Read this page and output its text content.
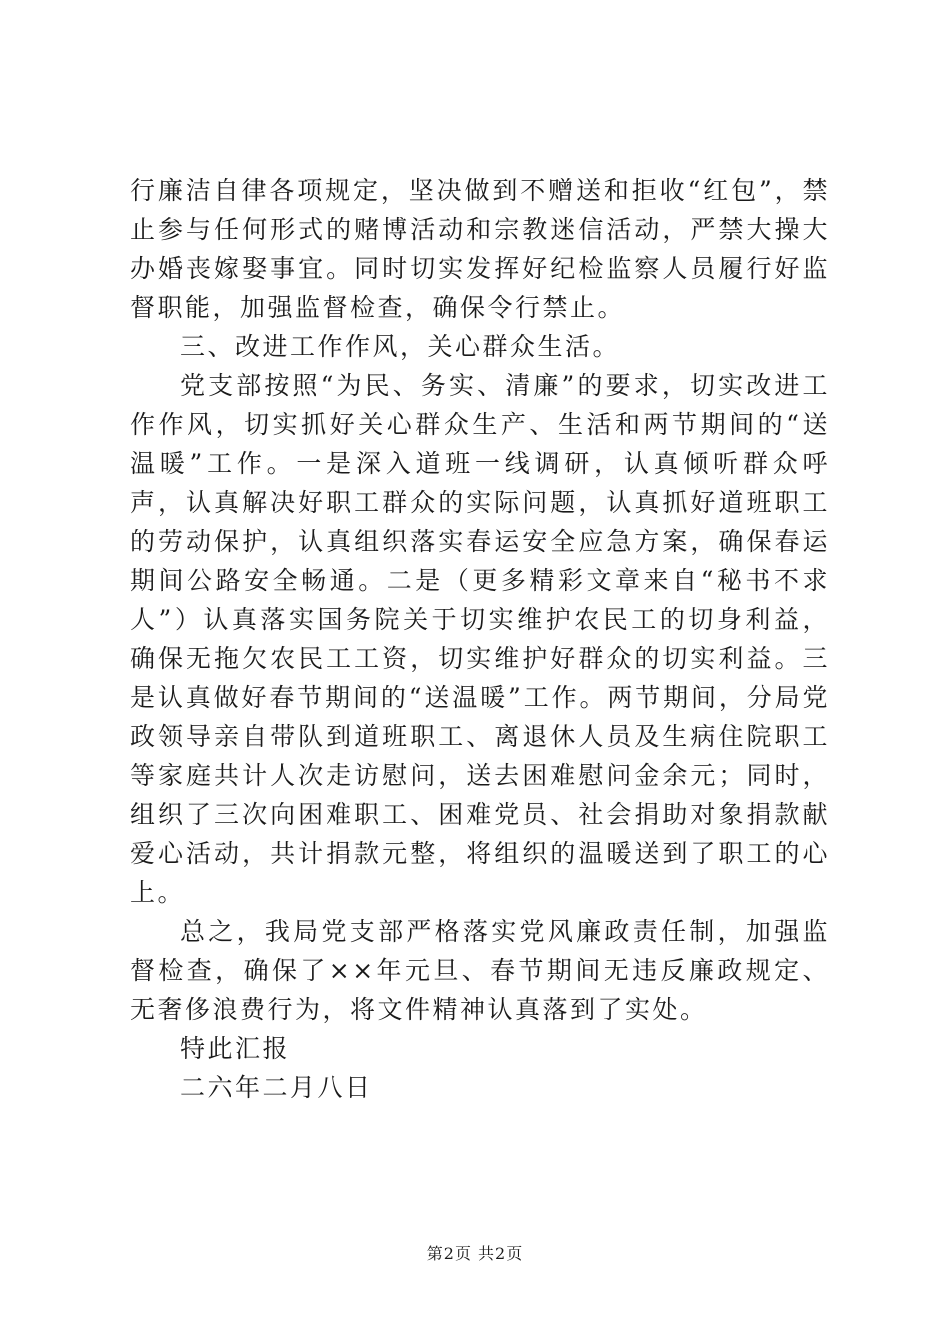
行廉洁自律各项规定，坚决做到不赠送和拒收“红包”，禁止参与任何形式的赌博活动和宗教迷信活动，严禁大操大办婚丧嫁娶事宜。同时切实发挥好纪检监察人员履行好监督职能，加强监督检查，确保令行禁止。

三、改进工作作风，关心群众生活。

党支部按照“为民、务实、清廉”的要求，切实改进工作作风，切实抓好关心群众生产、生活和两节期间的“送温暖”工作。一是深入道班一线调研，认真倾听群众呼声，认真解决好职工群众的实际问题，认真抓好道班职工的劳动保护，认真组织落实春运安全应急方案，确保春运期间公路安全畅通。二是（更多精彩文章来自“秘书不求人”）认真落实国务院关于切实维护农民工的切身利益，确保无拖欠农民工工资，切实维护好群众的切实利益。三是认真做好春节期间的“送温暖”工作。两节期间，分局党政领导亲自带队到道班职工、离退休人员及生病住院职工等家庭共计人次走访慰问，送去困难慰问金余元；同时，组织了三次向困难职工、困难党员、社会捐助对象捐款献爱心活动，共计捐款元整，将组织的温暖送到了职工的心上。

总之，我局党支部严格落实党风廉政责任制，加强监督检查，确保了××年元旦、春节期间无违反廉政规定、无奢侈浪费行为，将文件精神认真落到了实处。

特此汇报

二六年二月八日

第2页 共2页
